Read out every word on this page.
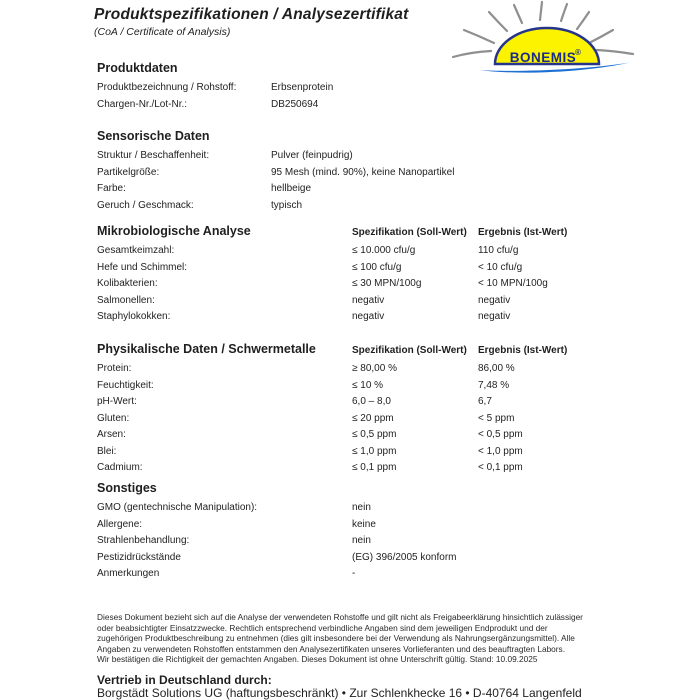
Produktspezifikationen / Analysezertifikat
(CoA / Certificate of Analysis)
BONEMIS
®
Produktdaten
Produktbezeichnung / Rohstoff:	Erbsenprotein
Chargen-Nr./Lot-Nr.:	DB250694
Sensorische Daten
Struktur / Beschaffenheit:	Pulver (feinpudrig)
Partikelgröße:	95 Mesh (mind. 90%), keine Nanopartikel
Farbe:	hellbeige
Geruch / Geschmack:	typisch
Mikrobiologische Analyse	Spezifikation (Soll-Wert)	Ergebnis (Ist-Wert)
Gesamtkeimzahl:	≤ 10.000 cfu/g	110 cfu/g
Hefe und Schimmel:	≤ 100 cfu/g	< 10 cfu/g
Kolibakterien:	≤ 30 MPN/100g	< 10 MPN/100g
Salmonellen:	negativ	negativ
Staphylokokken:	negativ	negativ
Physikalische Daten / Schwermetalle	Spezifikation (Soll-Wert)	Ergebnis (Ist-Wert)
Protein:	≥ 80,00 %	86,00 %
Feuchtigkeit:	≤ 10 %	7,48 %
pH-Wert:	6,0 – 8,0	6,7
Gluten:	≤ 20 ppm	< 5 ppm
Arsen:	≤ 0,5 ppm	< 0,5 ppm
Blei:	≤ 1,0 ppm	< 1,0 ppm
Cadmium:	≤ 0,1 ppm	< 0,1 ppm
Sonstiges
GMO (gentechnische Manipulation):	nein
Allergene:	keine
Strahlenbehandlung:	nein
Pestizidrückstände	(EG) 396/2005 konform
Anmerkungen	-
Dieses Dokument bezieht sich auf die Analyse der verwendeten Rohstoffe und gilt nicht als Freigabeerklärung hinsichtlich zulässiger
oder beabsichtigter Einsatzzwecke. Rechtlich entsprechend verbindliche Angaben sind dem jeweiligen Endprodukt und der
zugehörigen Produktbeschreibung zu entnehmen (dies gilt insbesondere bei der Verwendung als Nahrungsergänzungsmittel). Alle
Angaben zu verwendeten Rohstoffen entstammen den Analysezertifikaten unseres Vorlieferanten und des beauftragten Labors.
Wir bestätigen die Richtigkeit der gemachten Angaben. Dieses Dokument ist ohne Unterschrift gültig. Stand: 10.09.2025
Vertrieb in Deutschland durch:
Borgstädt Solutions UG (haftungsbeschränkt) • Zur Schlenkhecke 16 • D-40764 Langenfeld
